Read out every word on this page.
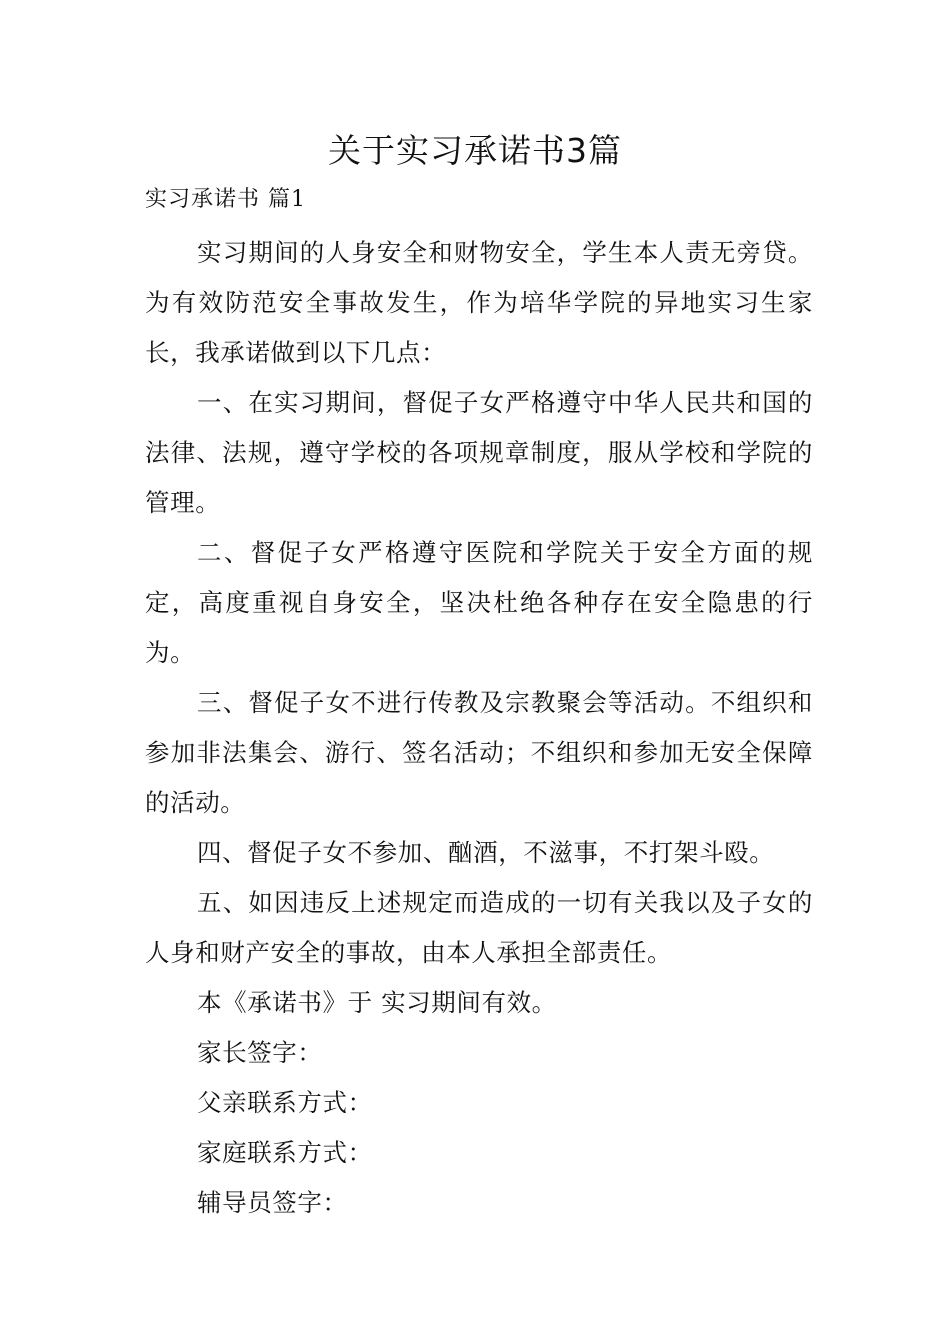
关于实习承诺书3篇
实习承诺书 篇1

实习期间的人身安全和财物安全，学生本人责无旁贷。为有效防范安全事故发生，作为培华学院的异地实习生家长，我承诺做到以下几点：

一、在实习期间，督促子女严格遵守中华人民共和国的法律、法规，遵守学校的各项规章制度，服从学校和学院的管理。

二、督促子女严格遵守医院和学院关于安全方面的规定，高度重视自身安全，坚决杜绝各种存在安全隐患的行为。

三、督促子女不进行传教及宗教聚会等活动。不组织和参加非法集会、游行、签名活动；不组织和参加无安全保障的活动。

四、督促子女不参加、酗酒，不滋事，不打架斗殴。

五、如因违反上述规定而造成的一切有关我以及子女的人身和财产安全的事故，由本人承担全部责任。

本《承诺书》于 实习期间有效。

家长签字：

父亲联系方式：

家庭联系方式：

辅导员签字：
